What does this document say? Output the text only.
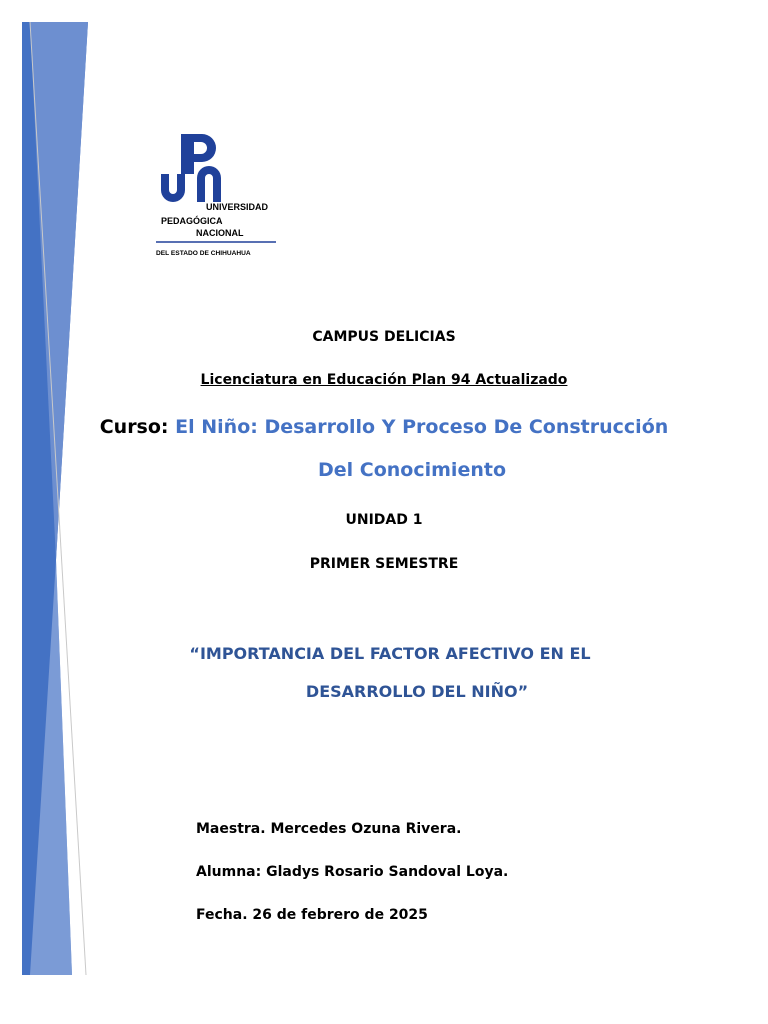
UNIVERSIDAD
PEDAGÓGICA
NACIONAL
DEL ESTADO DE CHIHUAHUA
CAMPUS DELICIAS
Licenciatura en Educación Plan 94 Actualizado
Curso: El Niño: Desarrollo Y Proceso De Construcción
Del Conocimiento
UNIDAD 1
PRIMER SEMESTRE
“IMPORTANCIA DEL FACTOR AFECTIVO EN EL
DESARROLLO DEL NIÑO”
Maestra. Mercedes Ozuna Rivera.
Alumna: Gladys Rosario Sandoval Loya.
Fecha. 26 de febrero de 2025
